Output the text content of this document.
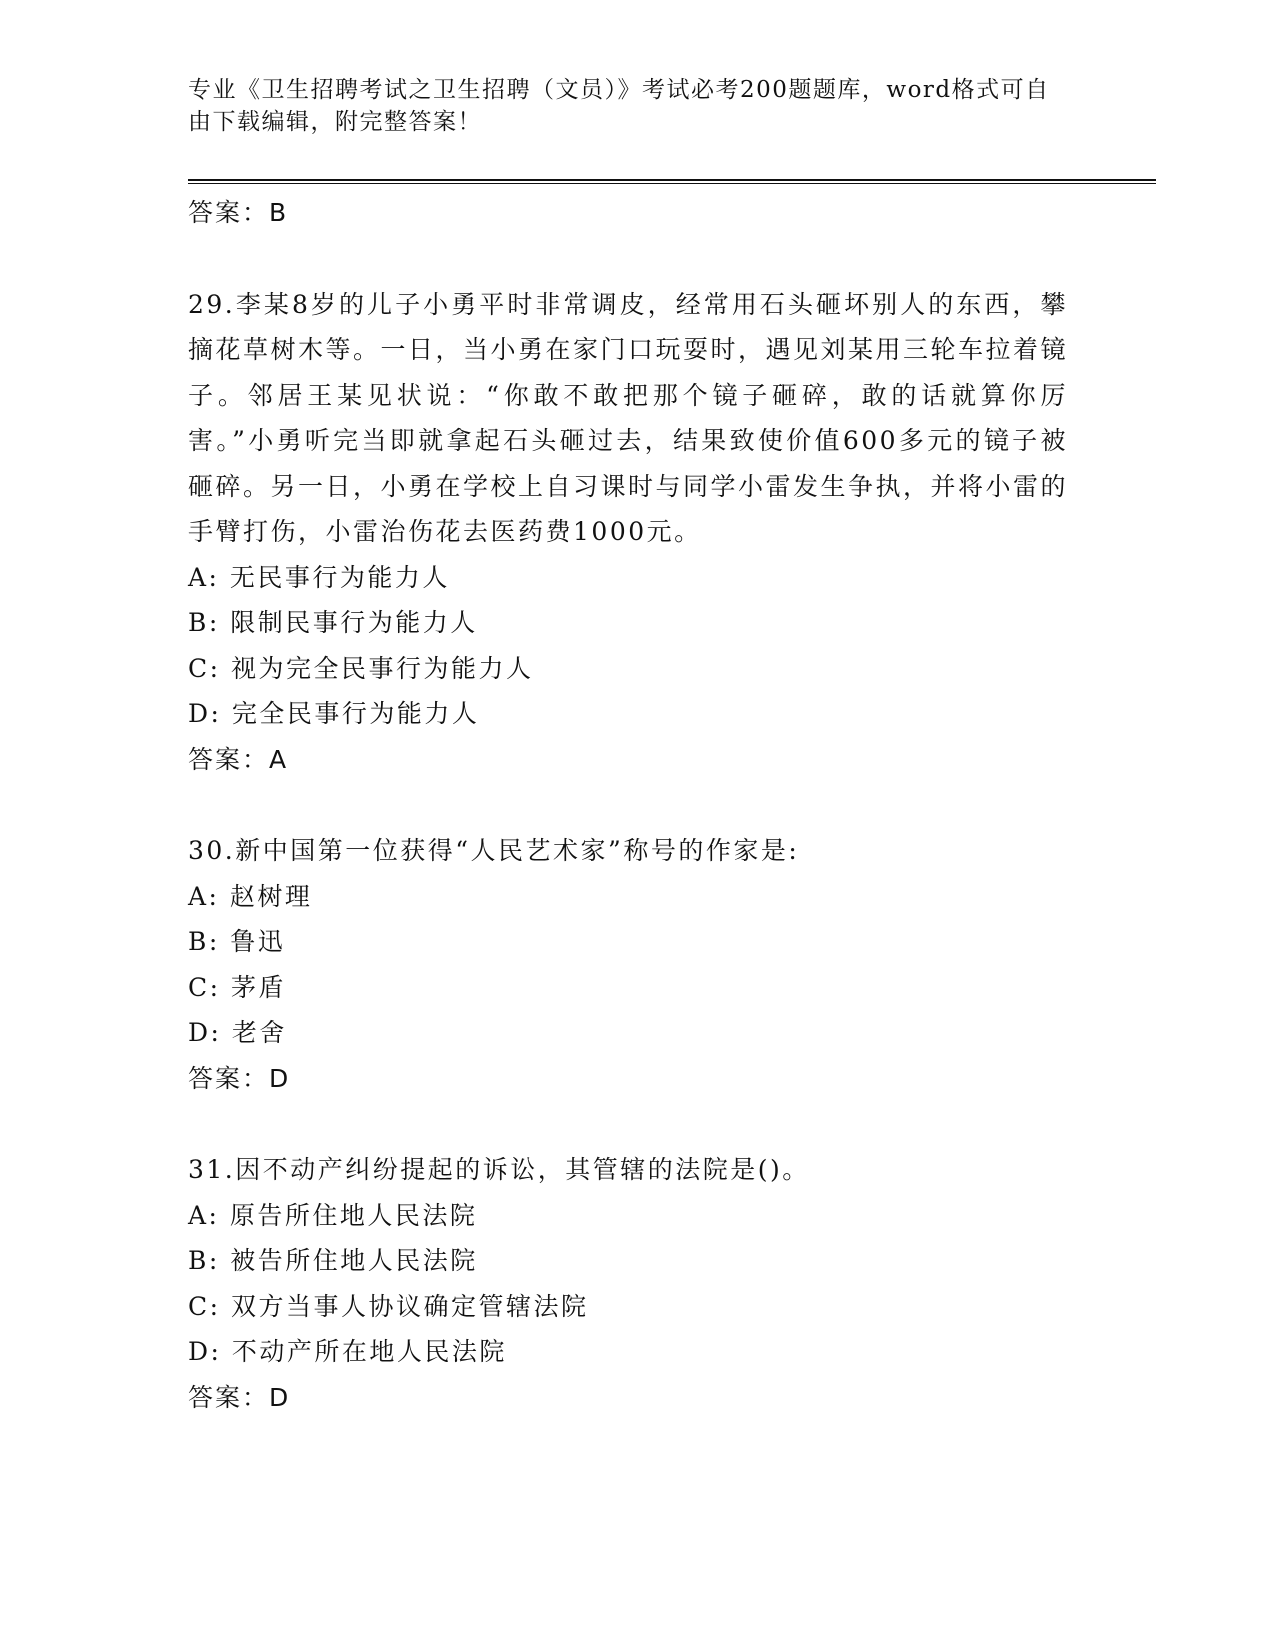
专业《卫生招聘考试之卫生招聘（文员）》考试必考200题题库，word格式可自由下载编辑，附完整答案！
答案：B
29.李某8岁的儿子小勇平时非常调皮，经常用石头砸坏别人的东西，攀摘花草树木等。一日，当小勇在家门口玩耍时，遇见刘某用三轮车拉着镜子。邻居王某见状说：“你敢不敢把那个镜子砸碎，敢的话就算你厉害。”小勇听完当即就拿起石头砸过去，结果致使价值600多元的镜子被砸碎。另一日，小勇在学校上自习课时与同学小雷发生争执，并将小雷的手臂打伤，小雷治伤花去医药费1000元。
A: 无民事行为能力人
B: 限制民事行为能力人
C: 视为完全民事行为能力人
D: 完全民事行为能力人
答案：A
30.新中国第一位获得“人民艺术家”称号的作家是:
A: 赵树理
B: 鲁迅
C: 茅盾
D: 老舍
答案：D
31.因不动产纠纷提起的诉讼，其管辖的法院是()。
A: 原告所住地人民法院
B: 被告所住地人民法院
C: 双方当事人协议确定管辖法院
D: 不动产所在地人民法院
答案：D
